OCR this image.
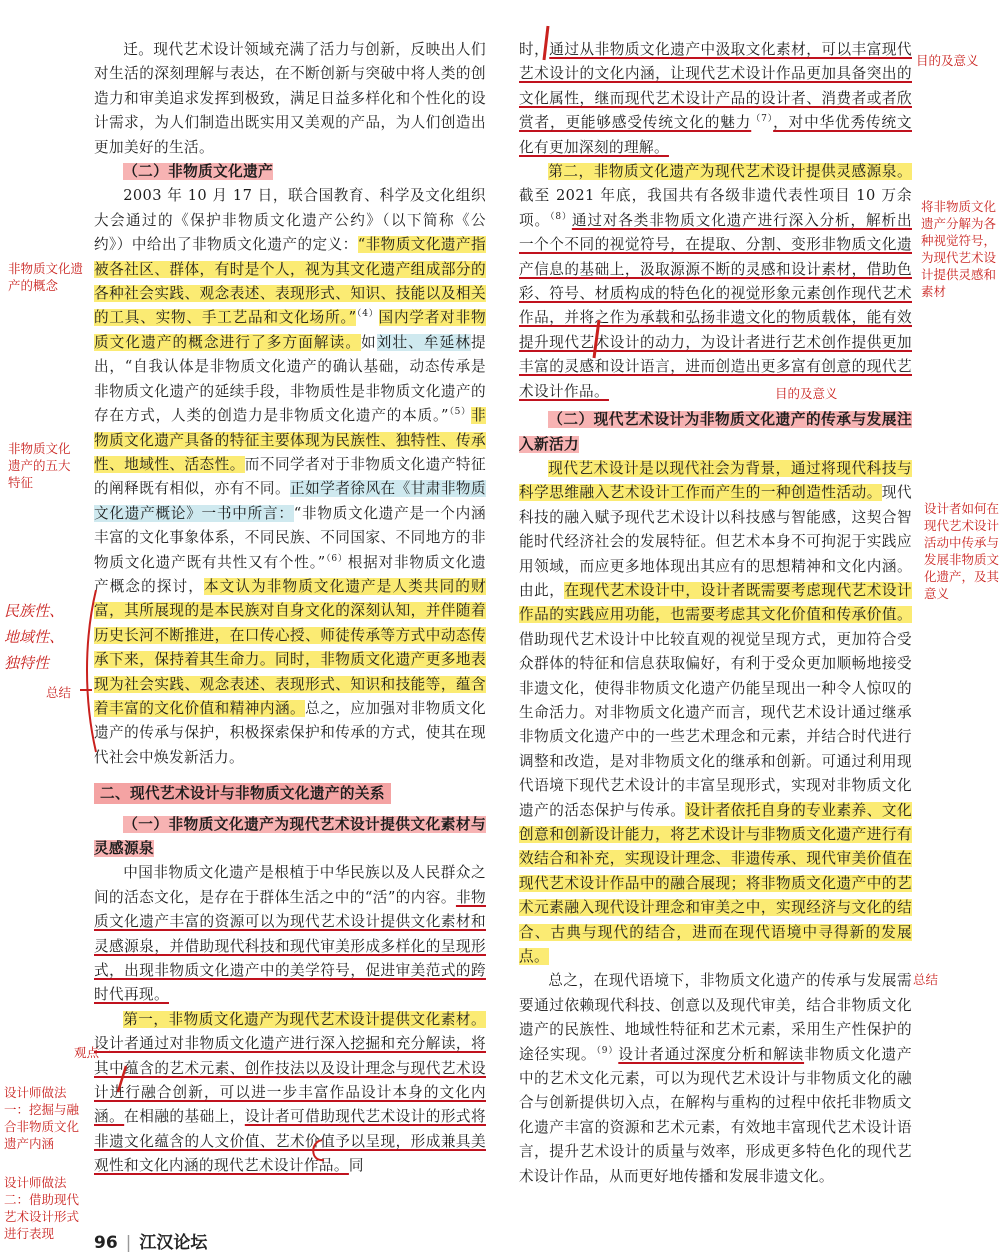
迁。现代艺术设计领域充满了活力与创新，反映出人们对生活的深刻理解与表达，在不断创新与突破中将人类的创造力和审美追求发挥到极致，满足日益多样化和个性化的设计需求，为人们制造出既实用又美观的产品，为人们创造出更加美好的生活。

（二）非物质文化遗产

2003 年 10 月 17 日，联合国教育、科学及文化组织大会通过的《保护非物质文化遗产公约》（以下简称《公约》）中给出了非物质文化遗产的定义：“非物质文化遗产指被各社区、群体，有时是个人，视为其文化遗产组成部分的各种社会实践、观念表述、表现形式、知识、技能以及相关的工具、实物、手工艺品和文化场所。”$^{(4)}$国内学者对非物质文化遗产的概念进行了多方面解读。如刘壮、牟延林提出，“自我认体是非物质文化遗产的确认基础，动态传承是非物质文化遗产的延续手段，非物质性是非物质文化遗产的存在方式，人类的创造力是非物质文化遗产的本质。”$^{(5)}$非物质文化遗产具备的特征主要体现为民族性、独特性、传承性、地域性、活态性。而不同学者对于非物质文化遗产特征的阐释既有相似，亦有不同。正如学者徐风在《甘肃非物质文化遗产概论》一书中所言：“非物质文化遗产是一个内涵丰富的文化事象体系，不同民族、不同国家、不同地方的非物质文化遗产既有共性又有个性。”$^{(6)}$根据对非物质文化遗产概念的探讨，本文认为非物质文化遗产是人类共同的财富，其所展现的是本民族对自身文化的深刻认知，并伴随着历史长河不断推进，在口传心授、师徒传承等方式中动态传承下来，保持着其生命力。同时，非物质文化遗产更多地表现为社会实践、观念表述、表现形式、知识和技能等，蕴含着丰富的文化价值和精神内涵。总之，应加强对非物质文化遗产的传承与保护，积极探索保护和传承的方式，使其在现代社会中焕发新活力。

二、现代艺术设计与非物质文化遗产的关系

（一）非物质文化遗产为现代艺术设计提供文化素材与灵感源泉

中国非物质文化遗产是根植于中华民族以及人民群众之间的活态文化，是存在于群体生活之中的“活”的内容。非物质文化遗产丰富的资源可以为现代艺术设计提供文化素材和灵感源泉，并借助现代科技和现代审美形成多样化的呈现形式，出现非物质文化遗产中的美学符号，促进审美范式的跨时代再现。

第一，非物质文化遗产为现代艺术设计提供文化素材。设计者通过对非物质文化遗产进行深入挖掘和充分解读，将其中蕴含的艺术元素、创作技法以及设计理念与现代艺术设计进行融合创新，可以进一步丰富作品设计本身的文化内涵。在相融的基础上，设计者可借助现代艺术设计的形式将非遗文化蕴含的人文价值、艺术价值予以呈现，形成兼具美观性和文化内涵的现代艺术设计作品。同

时，通过从非物质文化遗产中汲取文化素材，可以丰富现代艺术设计的文化内涵，让现代艺术设计作品更加具备突出的文化属性，继而现代艺术设计产品的设计者、消费者或者欣赏者，更能够感受传统文化的魅力$^{(7)}$，对中华优秀传统文化有更加深刻的理解。

第二，非物质文化遗产为现代艺术设计提供灵感源泉。截至 2021 年底，我国共有各级非遗代表性项目 10 万余项。$^{(8)}$通过对各类非物质文化遗产进行深入分析，解析出一个个不同的视觉符号，在提取、分割、变形非物质文化遗产信息的基础上，汲取源源不断的灵感和设计素材，借助色彩、符号、材质构成的特色化的视觉形象元素创作现代艺术作品，并将之作为承载和弘扬非遗文化的物质载体，能有效提升现代艺术设计的动力，为设计者进行艺术创作提供更加丰富的灵感和设计语言，进而创造出更多富有创意的现代艺术设计作品。

（二）现代艺术设计为非物质文化遗产的传承与发展注入新活力

现代艺术设计是以现代社会为背景，通过将现代科技与科学思维融入艺术设计工作而产生的一种创造性活动。现代科技的融入赋予现代艺术设计以科技感与智能感，这契合智能时代经济社会的发展特征。但艺术本身不可拘泥于实践应用领域，而应更多地体现出其应有的思想精神和文化内涵。由此，在现代艺术设计中，设计者既需要考虑现代艺术设计作品的实践应用功能，也需要考虑其文化价值和传承价值。借助现代艺术设计中比较直观的视觉呈现方式，更加符合受众群体的特征和信息获取偏好，有利于受众更加顺畅地接受非遗文化，使得非物质文化遗产仍能呈现出一种令人惊叹的生命活力。对非物质文化遗产而言，现代艺术设计通过继承非物质文化遗产中的一些艺术理念和元素，并结合时代进行调整和改造，是对非物质文化的继承和创新。可通过利用现代语境下现代艺术设计的丰富呈现形式，实现对非物质文化遗产的活态保护与传承。设计者依托自身的专业素养、文化创意和创新设计能力，将艺术设计与非物质文化遗产进行有效结合和补充，实现设计理念、非遗传承、现代审美价值在现代艺术设计作品中的融合展现；将非物质文化遗产中的艺术元素融入现代设计理念和审美之中，实现经济与文化的结合、古典与现代的结合，进而在现代语境中寻得新的发展点。

总之，在现代语境下，非物质文化遗产的传承与发展需要通过依赖现代科技、创意以及现代审美，结合非物质文化遗产的民族性、地域性特征和艺术元素，采用生产性保护的途径实现。$^{(9)}$设计者通过深度分析和解读非物质文化遗产中的艺术文化元素，可以为现代艺术设计与非物质文化的融合与创新提供切入点，在解构与重构的过程中依托非物质文化遗产丰富的资源和艺术元素，有效地丰富现代艺术设计语言，提升艺术设计的质量与效率，形成更多特色化的现代艺术设计作品，从而更好地传播和发展非遗文化。

非物质文化遗产的概念
非物质文化遗产的五大特征
民族性、地域性、独特性
总结
观点一
设计师做法一：挖掘与融合非物质文化遗产内涵
设计师做法二：借助现代艺术设计形式进行表现
目的及意义
将非物质文化遗产分解为各种视觉符号，为现代艺术设计提供灵感和素材
目的及意义
设计者如何在现代艺术设计活动中传承与发展非物质文化遗产，及其意义
总结
96 | 江汉论坛
